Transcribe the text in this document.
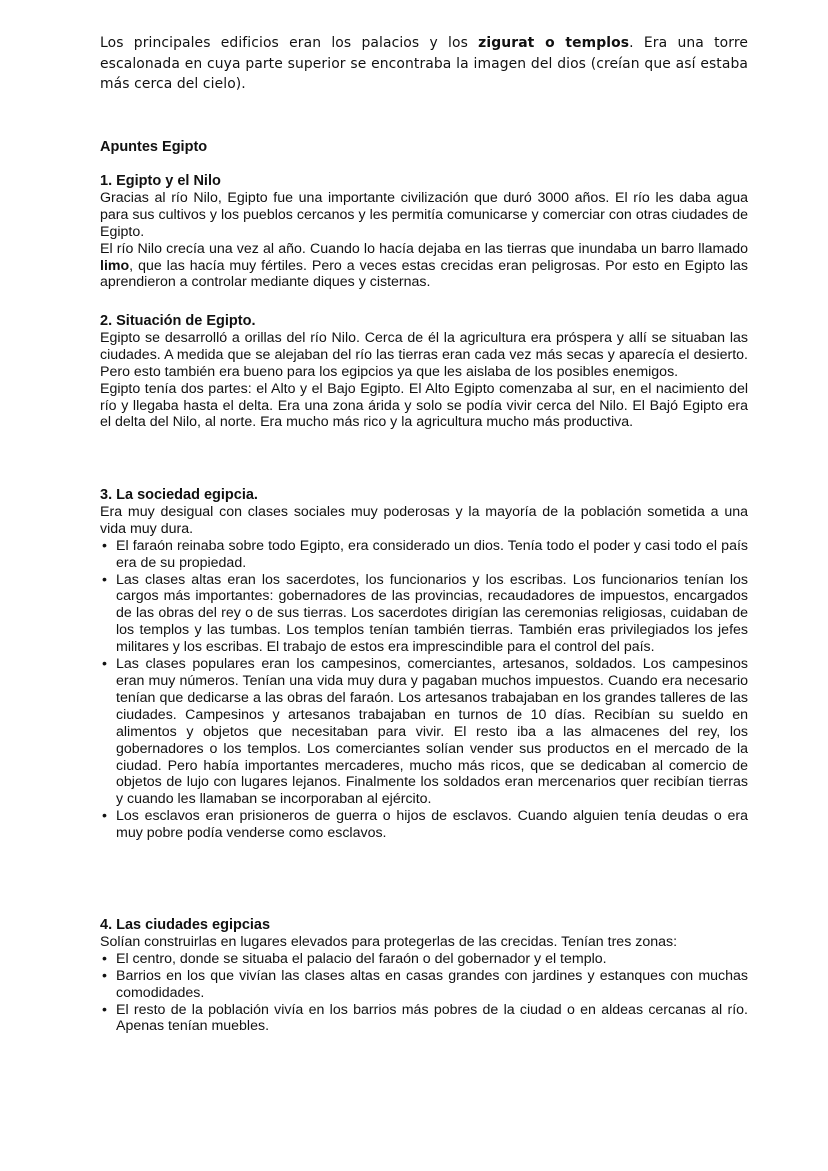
Los principales edificios eran los palacios y los zigurat o templos. Era una torre escalonada en cuya parte superior se encontraba la imagen del dios (creían que así estaba más cerca del cielo).

Apuntes Egipto

1. Egipto y el Nilo

Gracias al río Nilo, Egipto fue una importante civilización que duró 3000 años. El río les daba agua para sus cultivos y los pueblos cercanos y les permitía comunicarse y comerciar con otras ciudades de Egipto.

El río Nilo crecía una vez al año. Cuando lo hacía dejaba en las tierras que inundaba un barro llamado limo, que las hacía muy fértiles. Pero a veces estas crecidas eran peligrosas. Por esto en Egipto las aprendieron a controlar mediante diques y cisternas.

2. Situación de Egipto.

Egipto se desarrolló a orillas del río Nilo. Cerca de él la agricultura era próspera y allí se situaban las ciudades. A medida que se alejaban del río las tierras eran cada vez más secas y aparecía el desierto. Pero esto también era bueno para los egipcios ya que les aislaba de los posibles enemigos.

Egipto tenía dos partes: el Alto y el Bajo Egipto. El Alto Egipto comenzaba al sur, en el nacimiento del río y llegaba hasta el delta. Era una zona árida y solo se podía vivir cerca del Nilo. El Bajó Egipto era el delta del Nilo, al norte. Era mucho más rico y la agricultura mucho más productiva.

3. La sociedad egipcia.

Era muy desigual con clases sociales muy poderosas y la mayoría de la población sometida a una vida muy dura.

• El faraón reinaba sobre todo Egipto, era considerado un dios. Tenía todo el poder y casi todo el país era de su propiedad.
• Las clases altas eran los sacerdotes, los funcionarios y los escribas. Los funcionarios tenían los cargos más importantes: gobernadores de las provincias, recaudadores de impuestos, encargados de las obras del rey o de sus tierras. Los sacerdotes dirigían las ceremonias religiosas, cuidaban de los templos y las tumbas. Los templos tenían también tierras. También eras privilegiados los jefes militares y los escribas. El trabajo de estos era imprescindible para el control del país.
• Las clases populares eran los campesinos, comerciantes, artesanos, soldados. Los campesinos eran muy números. Tenían una vida muy dura y pagaban muchos impuestos. Cuando era necesario tenían que dedicarse a las obras del faraón. Los artesanos trabajaban en los grandes talleres de las ciudades. Campesinos y artesanos trabajaban en turnos de 10 días. Recibían su sueldo en alimentos y objetos que necesitaban para vivir. El resto iba a las almacenes del rey, los gobernadores o los templos. Los comerciantes solían vender sus productos en el mercado de la ciudad. Pero había importantes mercaderes, mucho más ricos, que se dedicaban al comercio de objetos de lujo con lugares lejanos. Finalmente los soldados eran mercenarios quer recibían tierras y cuando les llamaban se incorporaban al ejército.
• Los esclavos eran prisioneros de guerra o hijos de esclavos. Cuando alguien tenía deudas o era muy pobre podía venderse como esclavos.

4. Las ciudades egipcias

Solían construirlas en lugares elevados para protegerlas de las crecidas. Tenían tres zonas:

• El centro, donde se situaba el palacio del faraón o del gobernador y el templo.
• Barrios en los que vivían las clases altas en casas grandes con jardines y estanques con muchas comodidades.
• El resto de la población vivía en los barrios más pobres de la ciudad o en aldeas cercanas al río. Apenas tenían muebles.
